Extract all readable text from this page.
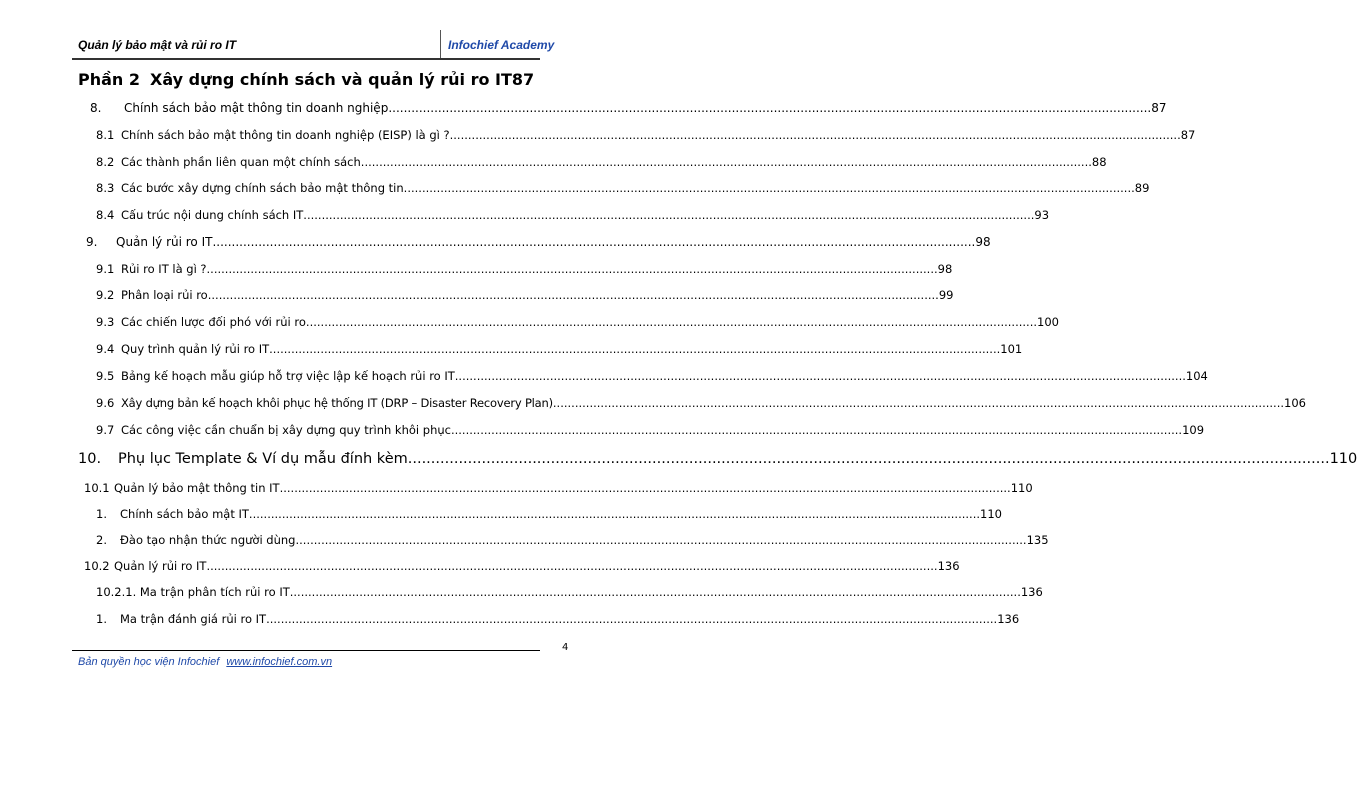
Quản lý bảo mật và rủi ro IT	Infochief Academy
Phần 2 Xây dựng chính sách và quản lý rủi ro IT 87
8.	Chính sách bảo mật thông tin doanh nghiệp ........................................................................................................................................................................................................ 87
8.1 Chính sách bảo mật thông tin doanh nghiệp (EISP) là gì ? ........................................................................................................................................................................................................ 87
8.2 Các thành phần liên quan một chính sách ........................................................................................................................................................................................................ 88
8.3 Các bước xây dựng chính sách bảo mật thông tin ........................................................................................................................................................................................................ 89
8.4 Cấu trúc nội dung chính sách IT ........................................................................................................................................................................................................ 93
9.	Quản lý rủi ro IT ........................................................................................................................................................................................................ 98
9.1 Rủi ro IT là gì ? ........................................................................................................................................................................................................ 98
9.2 Phân loại rủi ro ........................................................................................................................................................................................................ 99
9.3 Các chiến lược đối phó với rủi ro ........................................................................................................................................................................................................ 100
9.4 Quy trình quản lý rủi ro IT ........................................................................................................................................................................................................ 101
9.5 Bảng kế hoạch mẫu giúp hỗ trợ việc lập kế hoạch rủi ro IT ........................................................................................................................................................................................................ 104
9.6 Xây dựng bản kế hoạch khôi phục hệ thống IT (DRP – Disaster Recovery Plan) ........................................................................................................................................................................................................ 106
9.7 Các công việc cần chuẩn bị xây dựng quy trình khôi phục ........................................................................................................................................................................................................ 109
10.	Phụ lục Template & Ví dụ mẫu đính kèm ........................................................................................................................................................................................................ 110
10.1 Quản lý bảo mật thông tin IT ........................................................................................................................................................................................................ 110
1.	Chính sách bảo mật IT ........................................................................................................................................................................................................ 110
2.	Đào tạo nhận thức người dùng ........................................................................................................................................................................................................ 135
10.2 Quản lý rủi ro IT ........................................................................................................................................................................................................ 136
10.2.1. Ma trận phân tích rủi ro IT ........................................................................................................................................................................................................ 136
1.	Ma trận đánh giá rủi ro IT ........................................................................................................................................................................................................ 136
4
Bản quyền học viện Infochief www.infochief.com.vn
